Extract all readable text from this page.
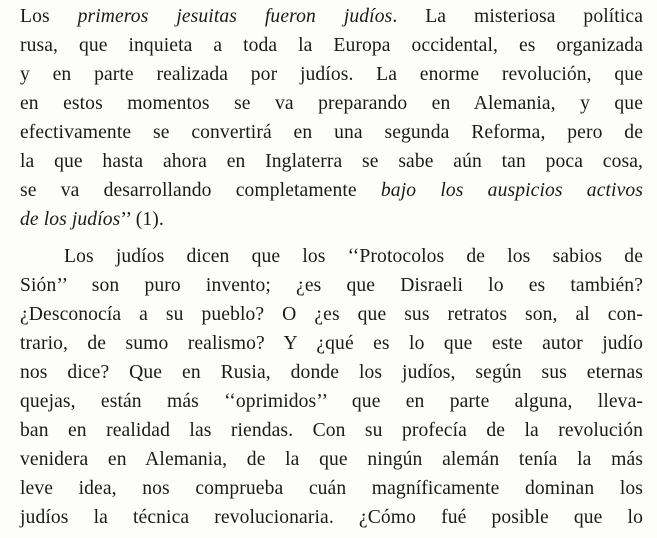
Los primeros jesuitas fueron judíos. La misteriosa política
rusa, que inquieta a toda la Europa occidental, es organizada
y en parte realizada por judíos. La enorme revolución, que
en estos momentos se va preparando en Alemania, y que
efectivamente se convertirá en una segunda Reforma, pero de
la que hasta ahora en Inglaterra se sabe aún tan poca cosa,
se va desarrollando completamente bajo los auspicios activos
de los judíos’’ (1).
Los judíos dicen que los ‘‘Protocolos de los sabios de
Sión’’ son puro invento; ¿es que Disraeli lo es también?
¿Desconocía a su pueblo? O ¿es que sus retratos son, al con-
trario, de sumo realismo? Y ¿qué es lo que este autor judío
nos dice? Que en Rusia, donde los judíos, según sus eternas
quejas, están más ‘‘oprimidos’’ que en parte alguna, lleva-
ban en realidad las riendas. Con su profecía de la revolución
venidera en Alemania, de la que ningún alemán tenía la más
leve idea, nos comprueba cuán magníficamente dominan los
judíos la técnica revolucionaria. ¿Cómo fué posible que lo
